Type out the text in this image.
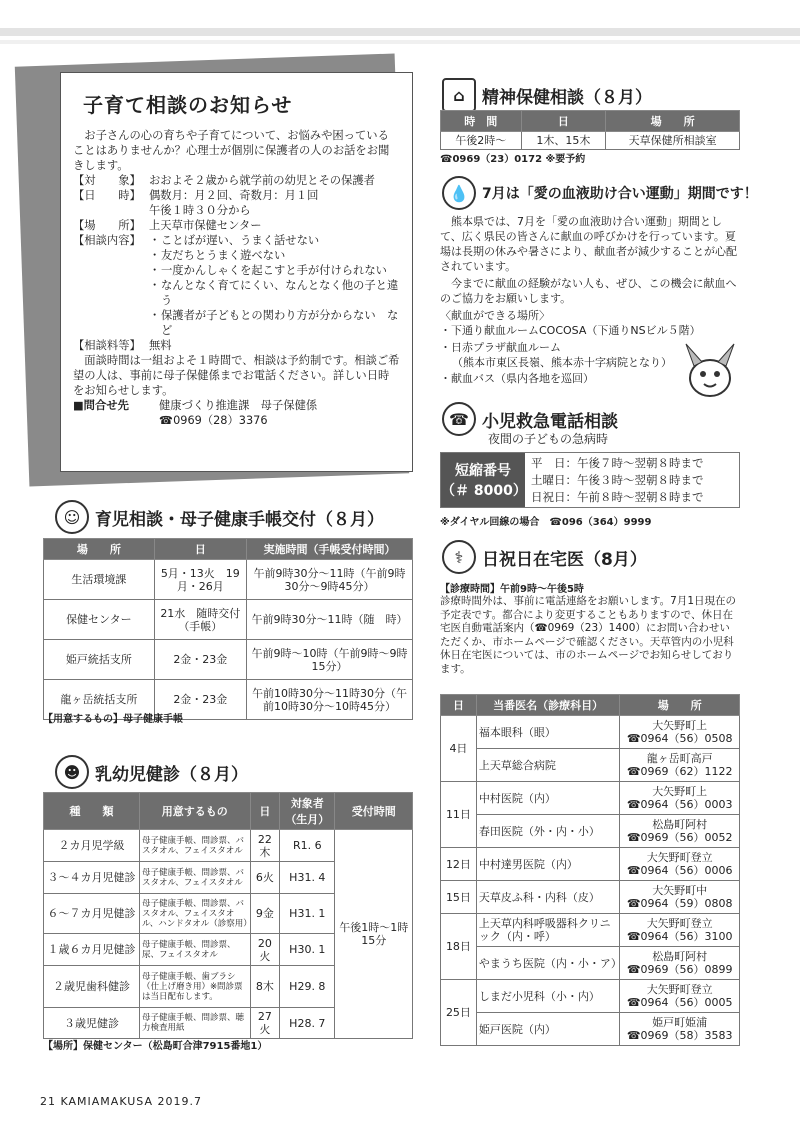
子育て相談のお知らせ

お子さんの心の育ちや子育てについて、お悩みや困っていることはありませんか？心理士が個別に保護者の人のお話をお聞きします。

【対　　象】 おおよそ２歳から就学前の幼児とその保護者
【日　　時】 偶数月：月２回、奇数月：月１回
午後１時３０分から
【場　　所】 上天草市保健センター
【相談内容】 ・ ことばが遅い、うまく話せない
・ 友だちとうまく遊べない
・ 一度かんしゃくを起こすと手が付けられない
・ なんとなく育てにくい、なんとなく他の子と違う
・ 保護者が子どもとの関わり方が分からない　など
【相談料等】 無料

面談時間は一組およそ１時間で、相談は予約制です。相談ご希望の人は、事前に母子保健係までお電話ください。詳しい日時をお知らせします。

■問合せ先	健康づくり推進課　母子保健係
☎0969（28）3376
☺ 育児相談・母子健康手帳交付（８月）
場　　所	日	実施時間（手帳受付時間）
生活環境課	5月・13火　19月・26月	午前9時30分～11時（午前9時30分～9時45分）
保健センター	21水　随時交付（手帳）	午前9時30分～11時（随　時）
姫戸統括支所	2金・23金	午前9時～10時（午前9時～9時15分）
龍ヶ岳統括支所	2金・23金	午前10時30分～11時30分（午前10時30分～10時45分）
【用意するもの】母子健康手帳
☻ 乳幼児健診（８月）
種　　類	用意するもの	日	対象者（生月）	受付時間
２カ月児学級	母子健康手帳、問診票、バスタオル、フェイスタオル	22木	R1. 6	午後1時～1時15分
３～４カ月児健診	母子健康手帳、問診票、バスタオル、フェイスタオル	6火	H31. 4	
６～７カ月児健診	母子健康手帳、問診票、バスタオル、フェイスタオル、ハンドタオル（診察用）	9金	H31. 1	
１歳６カ月児健診	母子健康手帳、問診票、尿、フェイスタオル	20火	H30. 1	
２歳児歯科健診	母子健康手帳、歯ブラシ（仕上げ磨き用）※問診票は当日配布します。	8木	H29. 8	
３歳児健診	母子健康手帳、問診票、聴力検査用紙	27火	H28. 7	
【場所】保健センター（松島町合津7915番地1）
⌂	精神保健相談（８月）
時　間	日	場　　所
午後2時～	1木、15木	天草保健所相談室
☎0969（23）0172 ※要予約
💧 7月は「愛の血液助け合い運動」期間です！
熊本県では、7月を「愛の血液助け合い運動」期間として、広く県民の皆さんに献血の呼びかけを行っています。夏場は長期の休みや暑さにより、献血者が減少することが心配されています。
今までに献血の経験がない人も、ぜひ、この機会に献血へのご協力をお願いします。
〈献血ができる場所〉
・下通り献血ルームCOCOSA（下通りNSビル５階）
・日赤プラザ献血ルーム
（熊本市東区長嶺、熊本赤十字病院となり）
・献血バス（県内各地を巡回）
☎ 小児救急電話相談
夜間の子どもの急病時
短縮番号
（＃ 8000）
平　日：午後７時～翌朝８時まで
土曜日：午後３時～翌朝８時まで
日祝日：午前８時～翌朝８時まで
※ダイヤル回線の場合　☎096（364）9999
⚕	日祝日在宅医（8月）
【診療時間】午前9時～午後5時
診療時間外は、事前に電話連絡をお願いします。7月1日現在の予定表です。都合により変更することもありますので、休日在宅医自動電話案内（☎0969（23）1400）にお問い合わせいただくか、市ホームページで確認ください。天草管内の小児科休日在宅医については、市のホームページでお知らせしております。
日	当番医名（診療科目）	場　　所
4日	福本眼科（眼）	大矢野町上
☎0964（56）0508

	上天草総合病院	龍ヶ岳町高戸
☎0969（62）1122

11日	中村医院（内）	大矢野町上
☎0964（56）0003

	春田医院（外・内・小）	松島町阿村
☎0969（56）0052

12日	中村達男医院（内）	大矢野町登立
☎0964（56）0006

15日	天草皮ふ科・内科（皮）	大矢野町中
☎0964（59）0808

18日	上天草内科呼吸器科クリニック（内・呼）	大矢野町登立
☎0964（56）3100

	やまうち医院（内・小・ア）	松島町阿村
☎0969（56）0899

25日	しまだ小児科（小・内）	大矢野町登立
☎0964（56）0005

	姫戸医院（内）	姫戸町姫浦
☎0969（58）3583
21 KAMIAMAKUSA 2019.7
